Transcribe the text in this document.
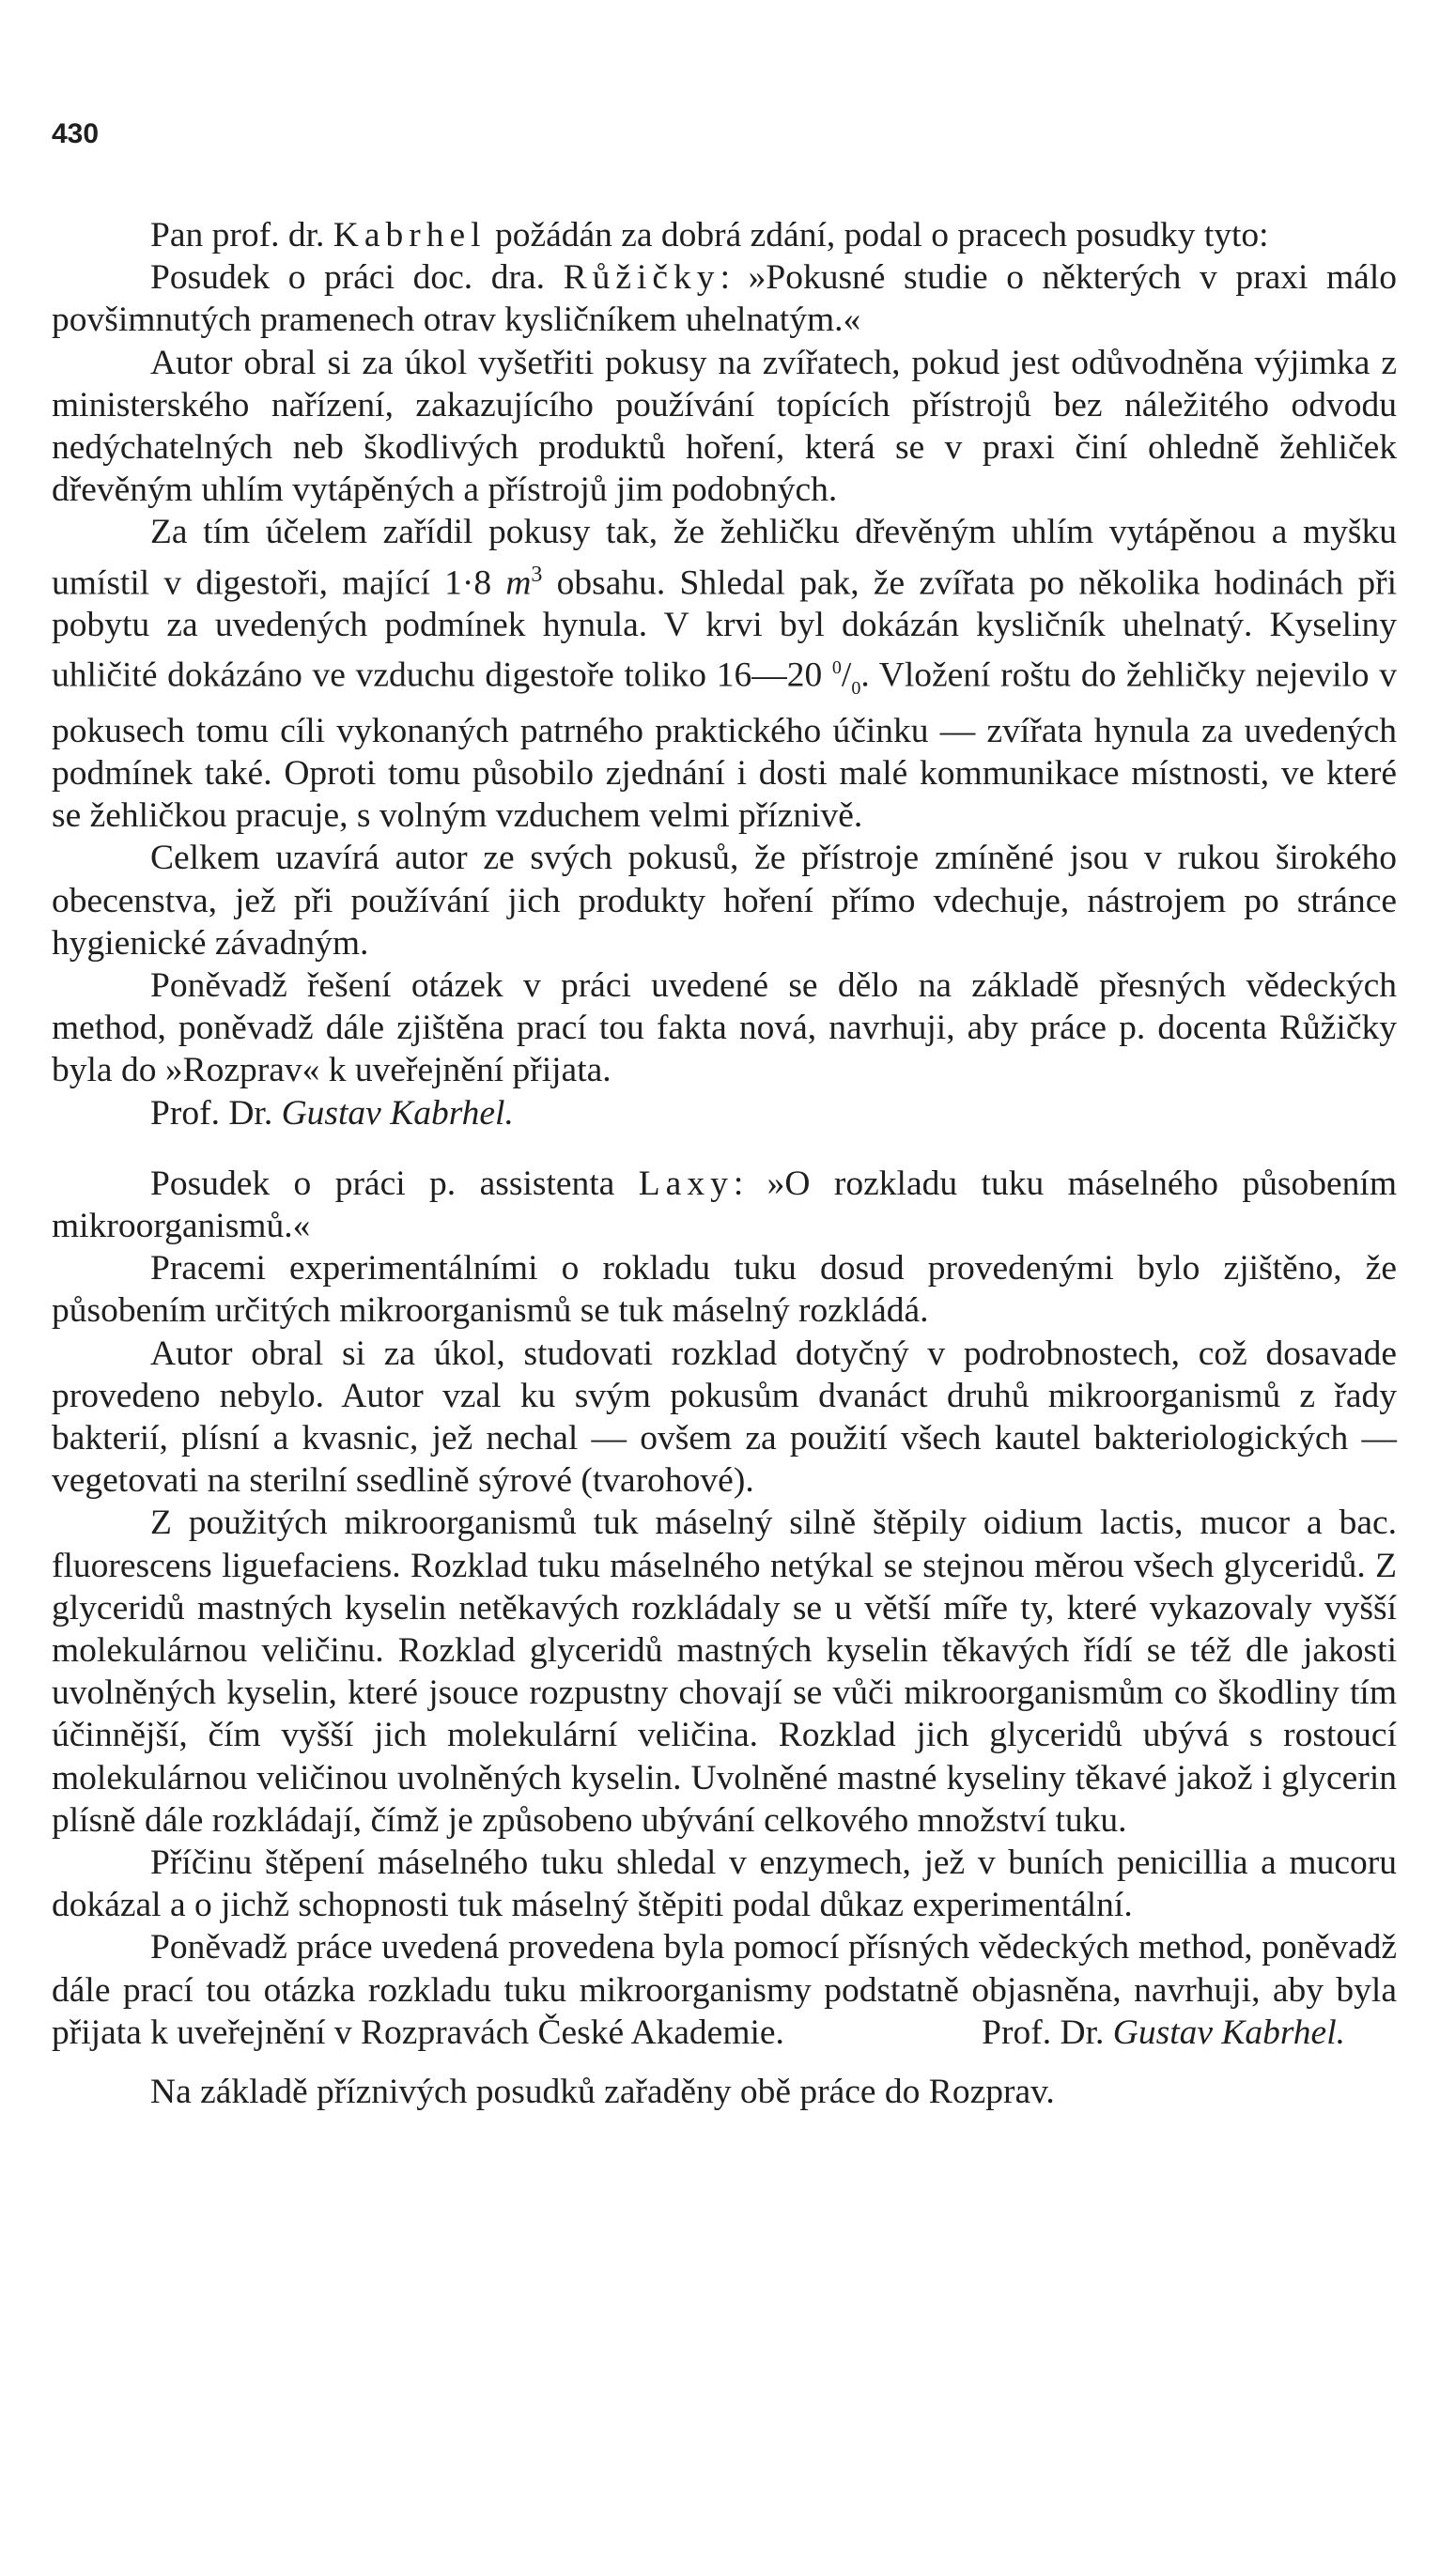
430

Pan prof. dr. Kabrhel požádán za dobrá zdání, podal o pracech posudky tyto:

Posudek o práci doc. dra. Růžičky: »Pokusné studie o některých v praxi málo povšimnutých pramenech otrav kysličníkem uhelnatým.«

Autor obral si za úkol vyšetřiti pokusy na zvířatech, pokud jest odůvodněna výjimka z ministerského nařízení, zakazujícího používání topících přístrojů bez náležitého odvodu nedýchatelných neb škodlivých produktů hoření, která se v praxi činí ohledně žehliček dřevěným uhlím vytápěných a přístrojů jim podobných.

Za tím účelem zařídil pokusy tak, že žehličku dřevěným uhlím vytápěnou a myšku umístil v digestoři, mající 1·8 $m^3$ obsahu. Shledal pak, že zvířata po několika hodinách při pobytu za uvedených podmínek hynula. V krvi byl dokázán kysličník uhelnatý. Kyseliny uhličité dokázáno ve vzduchu digestoře toliko 16—20 $^0/_0$. Vložení roštu do žehličky nejevilo v pokusech tomu cíli vykonaných patrného praktického účinku — zvířata hynula za uvedených podmínek také. Oproti tomu působilo zjednání i dosti malé kommunikace místnosti, ve které se žehličkou pracuje, s volným vzduchem velmi příznivě.

Celkem uzavírá autor ze svých pokusů, že přístroje zmíněné jsou v rukou širokého obecenstva, jež při používání jich produkty hoření přímo vdechuje, nástrojem po stránce hygienické závadným.

Poněvadž řešení otázek v práci uvedené se dělo na základě přesných vědeckých method, poněvadž dále zjištěna prací tou fakta nová, navrhuji, aby práce p. docenta Růžičky byla do »Rozprav« k uveřejnění přijata.

Prof. Dr. Gustav Kabrhel.

Posudek o práci p. assistenta Laxy: »O rozkladu tuku máselného působením mikroorganismů.«

Pracemi experimentálními o rokladu tuku dosud provedenými bylo zjištěno, že působením určitých mikroorganismů se tuk máselný rozkládá.

Autor obral si za úkol, studovati rozklad dotyčný v podrobnostech, což dosavade provedeno nebylo. Autor vzal ku svým pokusům dvanáct druhů mikroorganismů z řady bakterií, plísní a kvasnic, jež nechal — ovšem za použití všech kautel bakteriologických — vegetovati na sterilní ssedlině sýrové (tvarohové).

Z použitých mikroorganismů tuk máselný silně štěpily oidium lactis, mucor a bac. fluorescens liguefaciens. Rozklad tuku máselného netýkal se stejnou měrou všech glyceridů. Z glyceridů mastných kyselin netěkavých rozkládaly se u větší míře ty, které vykazovaly vyšší molekulárnou veličinu. Rozklad glyceridů mastných kyselin těkavých řídí se též dle jakosti uvolněných kyselin, které jsouce rozpustny chovají se vůči mikroorganismům co škodliny tím účinnější, čím vyšší jich molekulární veličina. Rozklad jich glyceridů ubývá s rostoucí molekulárnou veličinou uvolněných kyselin. Uvolněné mastné kyseliny těkavé jakož i glycerin plísně dále rozkládají, čímž je způsobeno ubývání celkového množství tuku.

Příčinu štěpení máselného tuku shledal v enzymech, jež v buních penicillia a mucoru dokázal a o jichž schopnosti tuk máselný štěpiti podal důkaz experimentální.

Poněvadž práce uvedená provedena byla pomocí přísných vědeckých method, poněvadž dále prací tou otázka rozkladu tuku mikroorganismy podstatně objasněna, navrhuji, aby byla přijata k uveřejnění v Rozpravách České Akademie.	Prof. Dr. Gustav Kabrhel.

Na základě příznivých posudků zařaděny obě práce do Rozprav.
